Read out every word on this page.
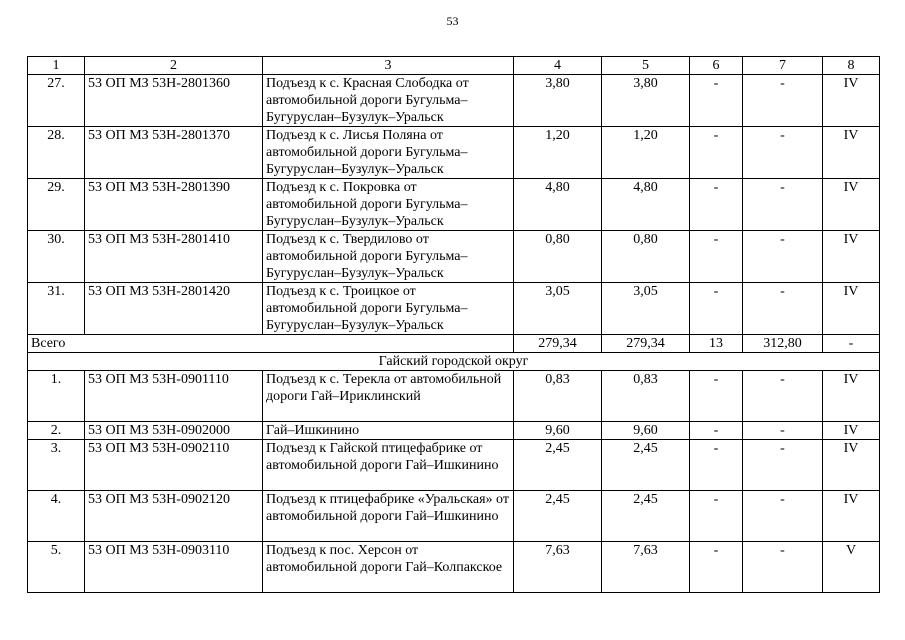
53
1	2	3	4	5	6	7	8
27.	53 ОП МЗ 53Н-2801360	Подъезд к с. Красная Слободка от автомобильной дороги Бугульма–Бугуруслан–Бузулук–Уральск	3,80	3,80	-	-	IV
28.	53 ОП МЗ 53Н-2801370	Подъезд к с. Лисья Поляна от автомобильной дороги Бугульма–Бугуруслан–Бузулук–Уральск	1,20	1,20	-	-	IV
29.	53 ОП МЗ 53Н-2801390	Подъезд к с. Покровка от автомобильной дороги Бугульма–Бугуруслан–Бузулук–Уральск	4,80	4,80	-	-	IV
30.	53 ОП МЗ 53Н-2801410	Подъезд к с. Твердилово от автомобильной дороги Бугульма–Бугуруслан–Бузулук–Уральск	0,80	0,80	-	-	IV
31.	53 ОП МЗ 53Н-2801420	Подъезд к с. Троицкое от автомобильной дороги Бугульма–Бугуруслан–Бузулук–Уральск	3,05	3,05	-	-	IV
Всего			279,34	279,34	13	312,80	-
Гайский городской округ							
1.	53 ОП МЗ 53Н-0901110	Подъезд к с. Терекла от автомобильной дороги Гай–Ириклинский	0,83	0,83	-	-	IV
2.	53 ОП МЗ 53Н-0902000	Гай–Ишкинино	9,60	9,60	-	-	IV
3.	53 ОП МЗ 53Н-0902110	Подъезд к Гайской птицефабрике от автомобильной дороги Гай–Ишкинино	2,45	2,45	-	-	IV
4.	53 ОП МЗ 53Н-0902120	Подъезд к птицефабрике «Уральская» от автомобильной дороги Гай–Ишкинино	2,45	2,45	-	-	IV
5.	53 ОП МЗ 53Н-0903110	Подъезд к пос. Херсон от автомобильной дороги Гай–Колпакское	7,63	7,63	-	-	V
